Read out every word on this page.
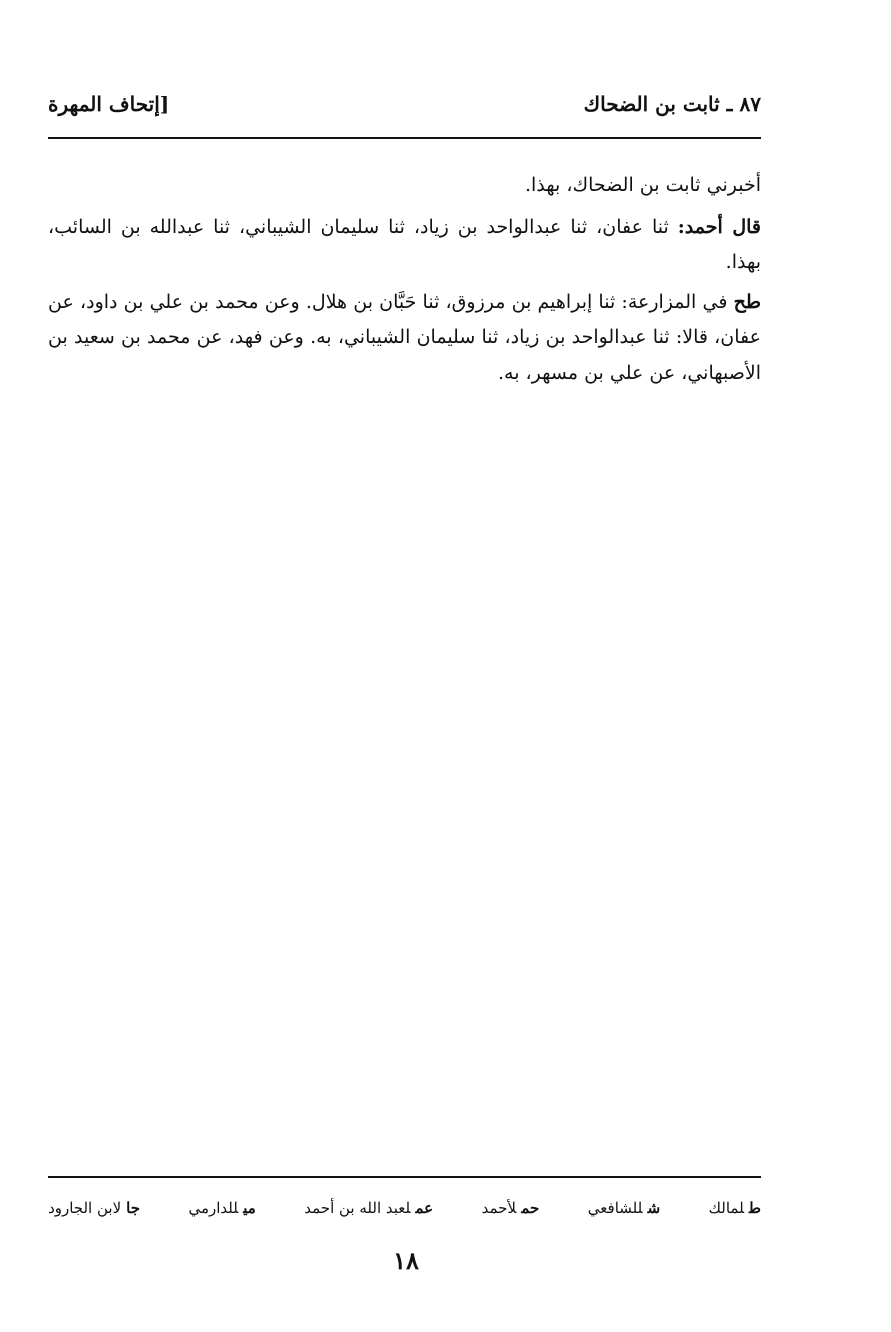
٨٧ ـ ثابت بن الضحاك
[إتحاف المهرة

أخبرني ثابت بن الضحاك، بهذا.

قال أحمد: ثنا عفان، ثنا عبدالواحد بن زياد، ثنا سليمان الشيباني، ثنا عبدالله بن السائب، بهذا.

طح في المزارعة: ثنا إبراهيم بن مرزوق، ثنا حَبَّان بن هلال. وعن محمد بن علي بن داود، عن عفان، قالا: ثنا عبدالواحد بن زياد، ثنا سليمان الشيباني، به. وعن فهد، عن محمد بن سعيد بن الأصبهاني، عن علي بن مسهر، به.

طلمالك
شللشافعي
حملأحمد
عملعبد الله بن أحمد
ميللدارمي
جالابن الجارود
١٨
